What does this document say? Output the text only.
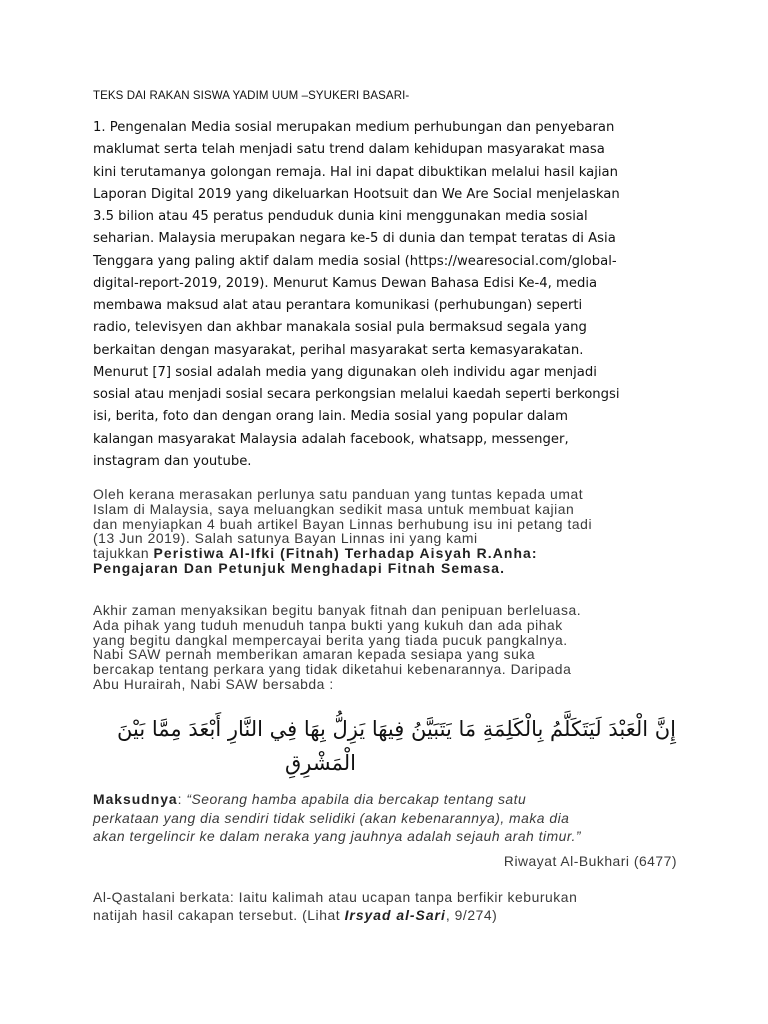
TEKS DAI RAKAN SISWA YADIM UUM –SYUKERI BASARI-

1. Pengenalan Media sosial merupakan medium perhubungan dan penyebaran

maklumat serta telah menjadi satu trend dalam kehidupan masyarakat masa

kini terutamanya golongan remaja. Hal ini dapat dibuktikan melalui hasil kajian

Laporan Digital 2019 yang dikeluarkan Hootsuit dan We Are Social menjelaskan

3.5 bilion atau 45 peratus penduduk dunia kini menggunakan media sosial

seharian. Malaysia merupakan negara ke-5 di dunia dan tempat teratas di Asia

Tenggara yang paling aktif dalam media sosial (https://wearesocial.com/global-

digital-report-2019, 2019). Menurut Kamus Dewan Bahasa Edisi Ke-4, media

membawa maksud alat atau perantara komunikasi (perhubungan) seperti

radio, televisyen dan akhbar manakala sosial pula bermaksud segala yang

berkaitan dengan masyarakat, perihal masyarakat serta kemasyarakatan.

Menurut [7] sosial adalah media yang digunakan oleh individu agar menjadi

sosial atau menjadi sosial secara perkongsian melalui kaedah seperti berkongsi

isi, berita, foto dan dengan orang lain. Media sosial yang popular dalam

kalangan masyarakat Malaysia adalah facebook, whatsapp, messenger,

instagram dan youtube.

Oleh kerana merasakan perlunya satu panduan yang tuntas kepada umat

Islam di Malaysia, saya meluangkan sedikit masa untuk membuat kajian

dan menyiapkan 4 buah artikel Bayan Linnas berhubung isu ini petang tadi

(13 Jun 2019). Salah satunya Bayan Linnas ini yang kami

tajukkan Peristiwa Al-Ifki (Fitnah) Terhadap Aisyah R.Anha:

Pengajaran Dan Petunjuk Menghadapi Fitnah Semasa.

Akhir zaman menyaksikan begitu banyak fitnah dan penipuan berleluasa.

Ada pihak yang tuduh menuduh tanpa bukti yang kukuh dan ada pihak

yang begitu dangkal mempercayai berita yang tiada pucuk pangkalnya.

Nabi SAW pernah memberikan amaran kepada sesiapa yang suka

bercakap tentang perkara yang tidak diketahui kebenarannya. Daripada

Abu Hurairah, Nabi SAW bersabda :

إِنَّ الْعَبْدَ لَيَتَكَلَّمُ بِالْكَلِمَةِ مَا يَتَبَيَّنُ فِيهَا يَزِلُّ بِهَا فِي النَّارِ أَبْعَدَ مِمَّا بَيْنَ

الْمَشْرِقِ

Maksudnya: “Seorang hamba apabila dia bercakap tentang satu

perkataan yang dia sendiri tidak selidiki (akan kebenarannya), maka dia

akan tergelincir ke dalam neraka yang jauhnya adalah sejauh arah timur.”

Riwayat Al-Bukhari (6477)

Al-Qastalani berkata: Iaitu kalimah atau ucapan tanpa berfikir keburukan

natijah hasil cakapan tersebut. (Lihat Irsyad al-Sari, 9/274)
